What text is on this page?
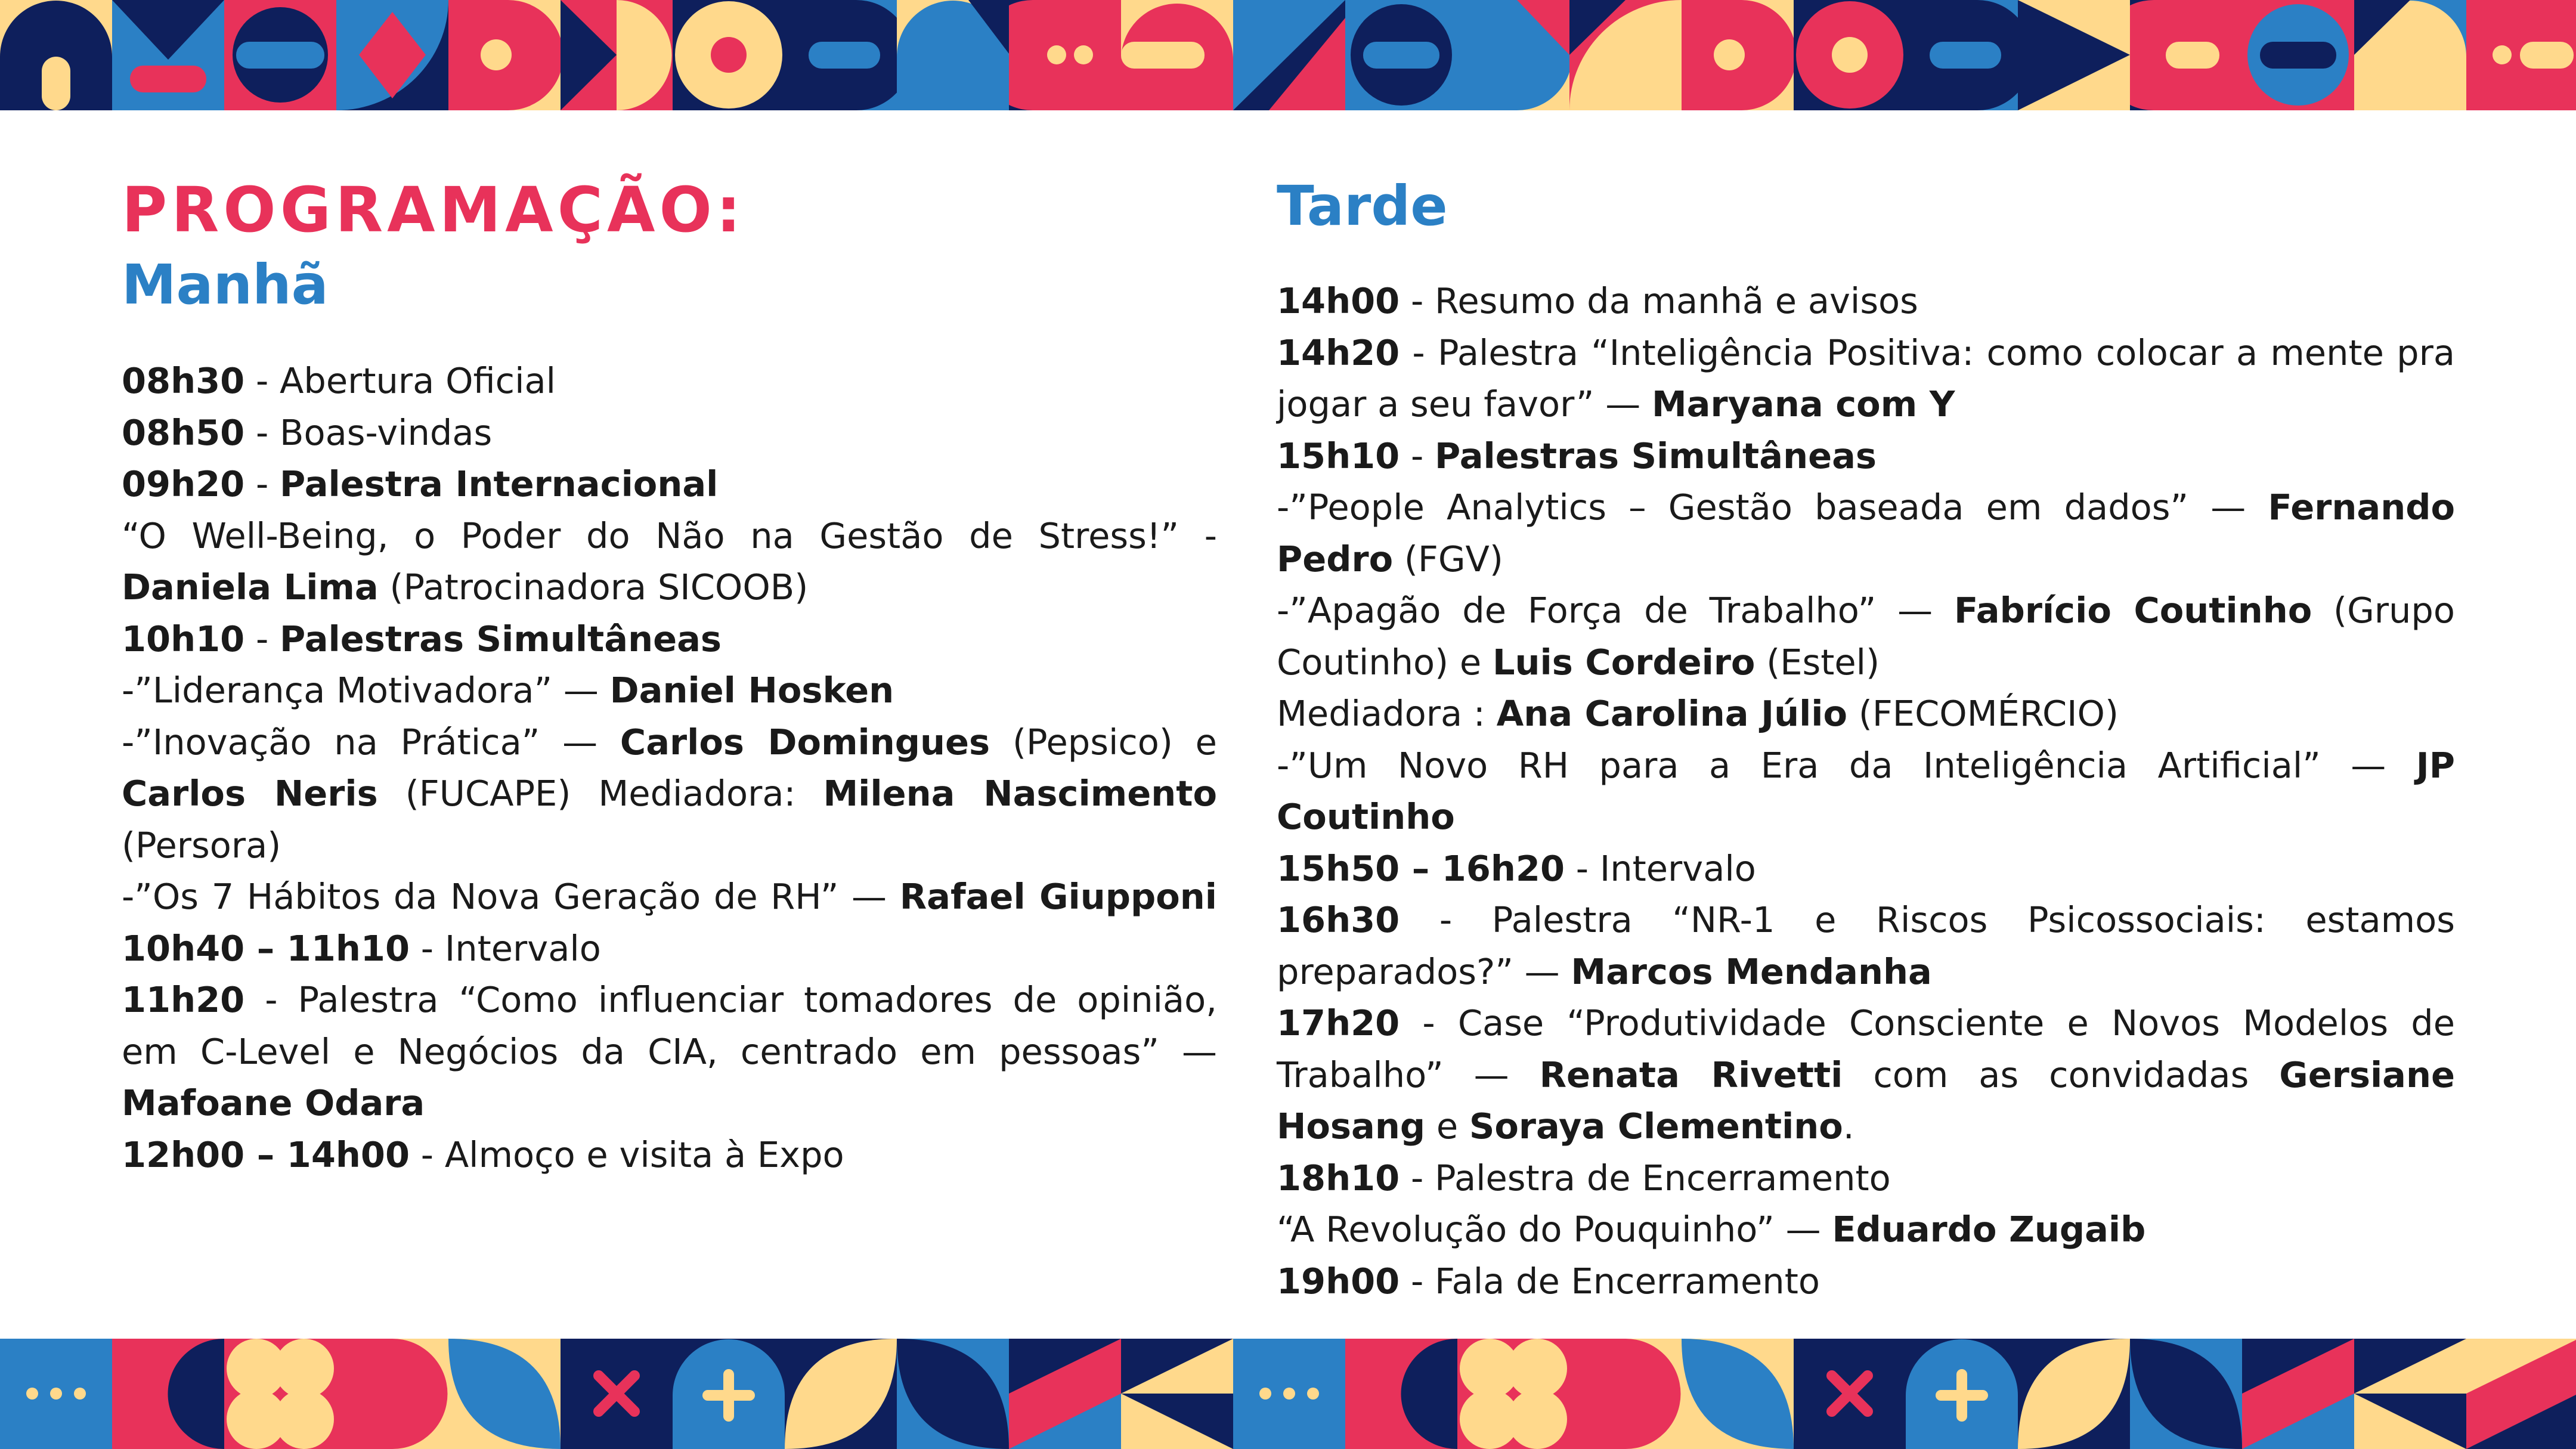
PROGRAMAÇÃO:
Manhã
Tarde

08h30 - Abertura Oficial

08h50 - Boas-vindas

09h20 - Palestra Internacional

“O Well-Being, o Poder do Não na Gestão de Stress!” - Daniela Lima (Patrocinadora SICOOB)

10h10 - Palestras Simultâneas

-”Liderança Motivadora” — Daniel Hosken

-”Inovação na Prática” — Carlos Domingues (Pepsico) e Carlos Neris (FUCAPE) Mediadora: Milena Nascimento (Persora)

-”Os 7 Hábitos da Nova Geração de RH” — Rafael Giupponi

10h40 – 11h10 - Intervalo

11h20 - Palestra “Como influenciar tomadores de opinião, em C-Level e Negócios da CIA, centrado em pessoas” — Mafoane Odara

12h00 – 14h00 - Almoço e visita à Expo

14h00 - Resumo da manhã e avisos

14h20 - Palestra “Inteligência Positiva: como colocar a mente pra jogar a seu favor” — Maryana com Y

15h10 - Palestras Simultâneas

-”People Analytics – Gestão baseada em dados” — Fernando Pedro (FGV)

-”Apagão de Força de Trabalho” — Fabrício Coutinho (Grupo Coutinho) e Luis Cordeiro (Estel)

Mediadora : Ana Carolina Júlio (FECOMÉRCIO)

-”Um Novo RH para a Era da Inteligência Artificial” — JP Coutinho

15h50 – 16h20 - Intervalo

16h30 - Palestra “NR-1 e Riscos Psicossociais: estamos preparados?” — Marcos Mendanha

17h20 - Case “Produtividade Consciente e Novos Modelos de Trabalho” — Renata Rivetti com as convidadas Gersiane Hosang e Soraya Clementino.

18h10 - Palestra de Encerramento

“A Revolução do Pouquinho” — Eduardo Zugaib

19h00 - Fala de Encerramento
